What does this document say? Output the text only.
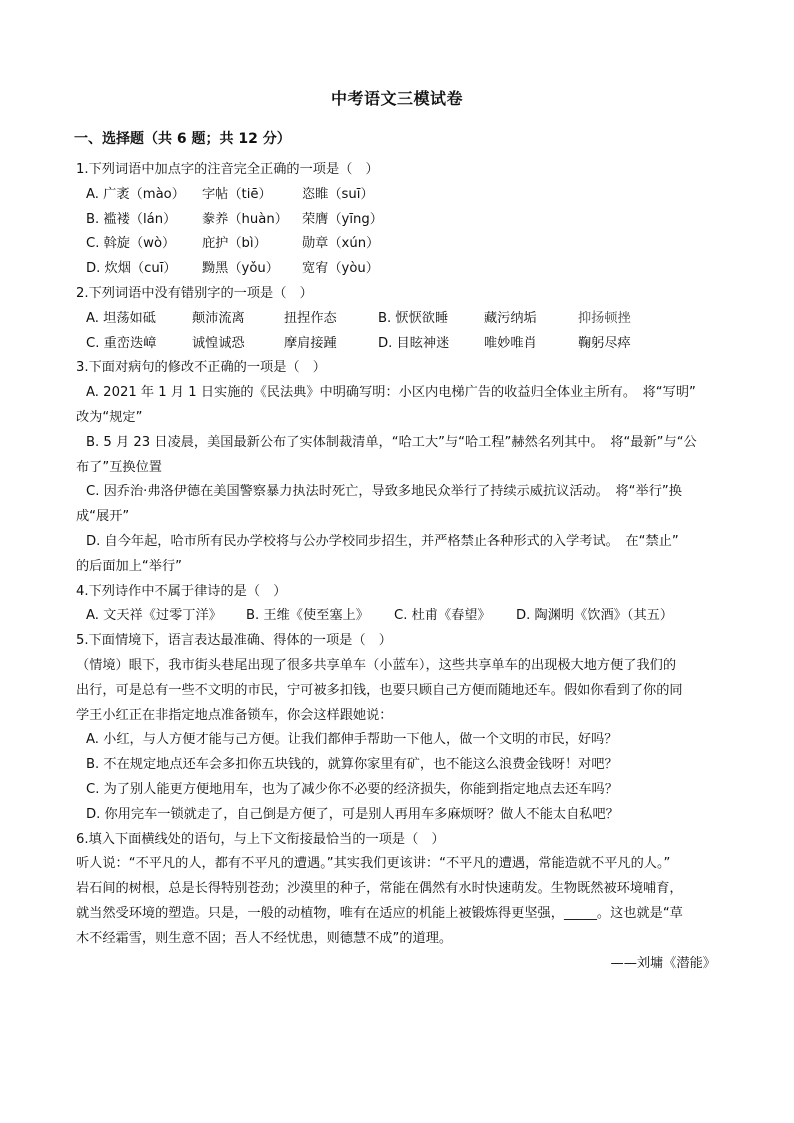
中考语文三模试卷
一、选择题（共 6 题；共 12 分）
1.下列词语中加点字的注音完全正确的一项是（　）
A. 广袤（mào）	字帖（tiē）	恣睢（suī）
B. 褴褛（lán）	豢养（huàn）	荣膺（yīng）
C. 斡旋（wò）	庇护（bì）	勋章（xún）
D. 炊烟（cuī）	黝黑（yǒu）	宽宥（yòu）
2.下列词语中没有错别字的一项是（　）
A. 坦荡如砥	颠沛流离	扭捏作态	B. 恹恹欲睡	藏污纳垢	抑扬顿挫
C. 重峦迭嶂	诚惶诚恐	摩肩接踵	D. 目眩神迷	唯妙唯肖	鞠躬尽瘁
3.下面对病句的修改不正确的一项是（　）
A. 2021 年 1 月 1 日实施的《民法典》中明确写明：小区内电梯广告的收益归全体业主所有。　将“写明”
改为“规定”
B. 5 月 23 日凌晨，美国最新公布了实体制裁清单，“哈工大”与“哈工程”赫然名列其中。　将“最新”与“公
布了”互换位置
C. 因乔治·弗洛伊德在美国警察暴力执法时死亡，导致多地民众举行了持续示威抗议活动。　将“举行”换
成“展开”
D. 自今年起，哈市所有民办学校将与公办学校同步招生，并严格禁止各种形式的入学考试。　在“禁止”
的后面加上“举行”
4.下列诗作中不属于律诗的是（　）
A. 文天祥《过零丁洋》	B. 王维《使至塞上》	C. 杜甫《春望》	D. 陶渊明《饮酒》（其五）
5.下面情境下，语言表达最准确、得体的一项是（　）
（情境）眼下，我市街头巷尾出现了很多共享单车（小蓝车），这些共享单车的出现极大地方便了我们的
出行，可是总有一些不文明的市民，宁可被多扣钱，也要只顾自己方便而随地还车。假如你看到了你的同
学王小红正在非指定地点准备锁车，你会这样跟她说：
A. 小红，与人方便才能与己方便。让我们都伸手帮助一下他人，做一个文明的市民，好吗？
B. 不在规定地点还车会多扣你五块钱的，就算你家里有矿，也不能这么浪费金钱呀！对吧？
C. 为了别人能更方便地用车，也为了减少你不必要的经济损失，你能到指定地点去还车吗？
D. 你用完车一锁就走了，自己倒是方便了，可是别人再用车多麻烦呀？做人不能太自私吧？
6.填入下面横线处的语句，与上下文衔接最恰当的一项是（　）
听人说：“不平凡的人，都有不平凡的遭遇。”其实我们更该讲：“不平凡的遭遇，常能造就不平凡的人。”
岩石间的树根，总是长得特别苍劲；沙漠里的种子，常能在偶然有水时快速萌发。生物既然被环境哺育，
就当然受环境的塑造。只是，一般的动植物，唯有在适应的机能上被锻炼得更坚强，_____。这也就是“草
木不经霜雪，则生意不固；吾人不经忧患，则德慧不成”的道理。
——刘墉《潜能》
